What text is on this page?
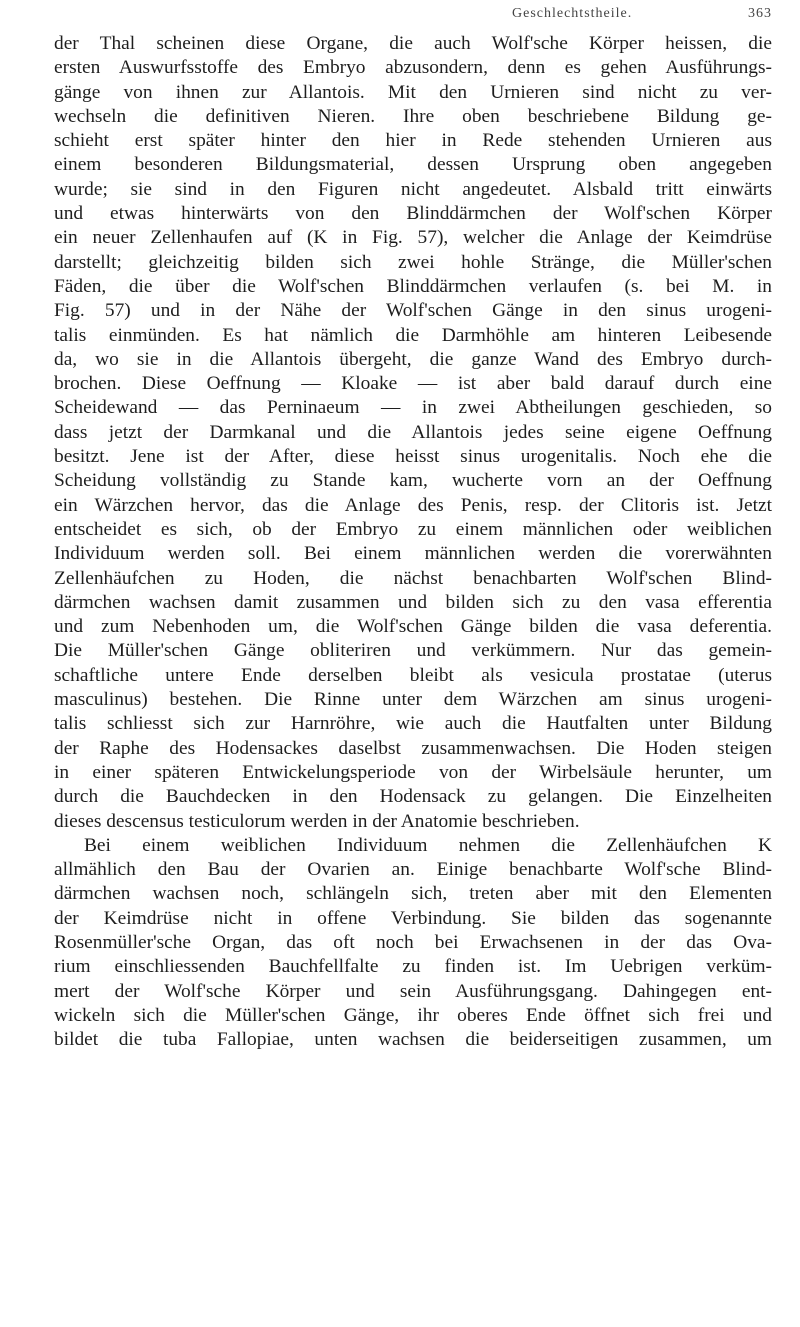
Geschlechtstheile.	363
der Thal scheinen diese Organe, die auch Wolf'sche Körper heissen, die
ersten Auswurfsstoffe des Embryo abzusondern, denn es gehen Ausführungs-
gänge von ihnen zur Allantois. Mit den Urnieren sind nicht zu ver-
wechseln die definitiven Nieren. Ihre oben beschriebene Bildung ge-
schieht erst später hinter den hier in Rede stehenden Urnieren aus
einem besonderen Bildungsmaterial, dessen Ursprung oben angegeben
wurde; sie sind in den Figuren nicht angedeutet. Alsbald tritt einwärts
und etwas hinterwärts von den Blinddärmchen der Wolf'schen Körper
ein neuer Zellenhaufen auf (K in Fig. 57), welcher die Anlage der Keimdrüse
darstellt; gleichzeitig bilden sich zwei hohle Stränge, die Müller'schen
Fäden, die über die Wolf'schen Blinddärmchen verlaufen (s. bei M. in
Fig. 57) und in der Nähe der Wolf'schen Gänge in den sinus urogeni-
talis einmünden. Es hat nämlich die Darmhöhle am hinteren Leibesende
da, wo sie in die Allantois übergeht, die ganze Wand des Embryo durch-
brochen. Diese Oeffnung — Kloake — ist aber bald darauf durch eine
Scheidewand — das Perninaeum — in zwei Abtheilungen geschieden, so
dass jetzt der Darmkanal und die Allantois jedes seine eigene Oeffnung
besitzt. Jene ist der After, diese heisst sinus urogenitalis. Noch ehe die
Scheidung vollständig zu Stande kam, wucherte vorn an der Oeffnung
ein Wärzchen hervor, das die Anlage des Penis, resp. der Clitoris ist. Jetzt
entscheidet es sich, ob der Embryo zu einem männlichen oder weiblichen
Individuum werden soll. Bei einem männlichen werden die vorerwähnten
Zellenhäufchen zu Hoden, die nächst benachbarten Wolf'schen Blind-
därmchen wachsen damit zusammen und bilden sich zu den vasa efferentia
und zum Nebenhoden um, die Wolf'schen Gänge bilden die vasa deferentia.
Die Müller'schen Gänge obliteriren und verkümmern. Nur das gemein-
schaftliche untere Ende derselben bleibt als vesicula prostatae (uterus
masculinus) bestehen. Die Rinne unter dem Wärzchen am sinus urogeni-
talis schliesst sich zur Harnröhre, wie auch die Hautfalten unter Bildung
der Raphe des Hodensackes daselbst zusammenwachsen. Die Hoden steigen
in einer späteren Entwickelungsperiode von der Wirbelsäule herunter, um
durch die Bauchdecken in den Hodensack zu gelangen. Die Einzelheiten
dieses descensus testiculorum werden in der Anatomie beschrieben.
Bei einem weiblichen Individuum nehmen die Zellenhäufchen K
allmählich den Bau der Ovarien an. Einige benachbarte Wolf'sche Blind-
därmchen wachsen noch, schlängeln sich, treten aber mit den Elementen
der Keimdrüse nicht in offene Verbindung. Sie bilden das sogenannte
Rosenmüller'sche Organ, das oft noch bei Erwachsenen in der das Ova-
rium einschliessenden Bauchfellfalte zu finden ist. Im Uebrigen verküm-
mert der Wolf'sche Körper und sein Ausführungsgang. Dahingegen ent-
wickeln sich die Müller'schen Gänge, ihr oberes Ende öffnet sich frei und
bildet die tuba Fallopiae, unten wachsen die beiderseitigen zusammen, um
